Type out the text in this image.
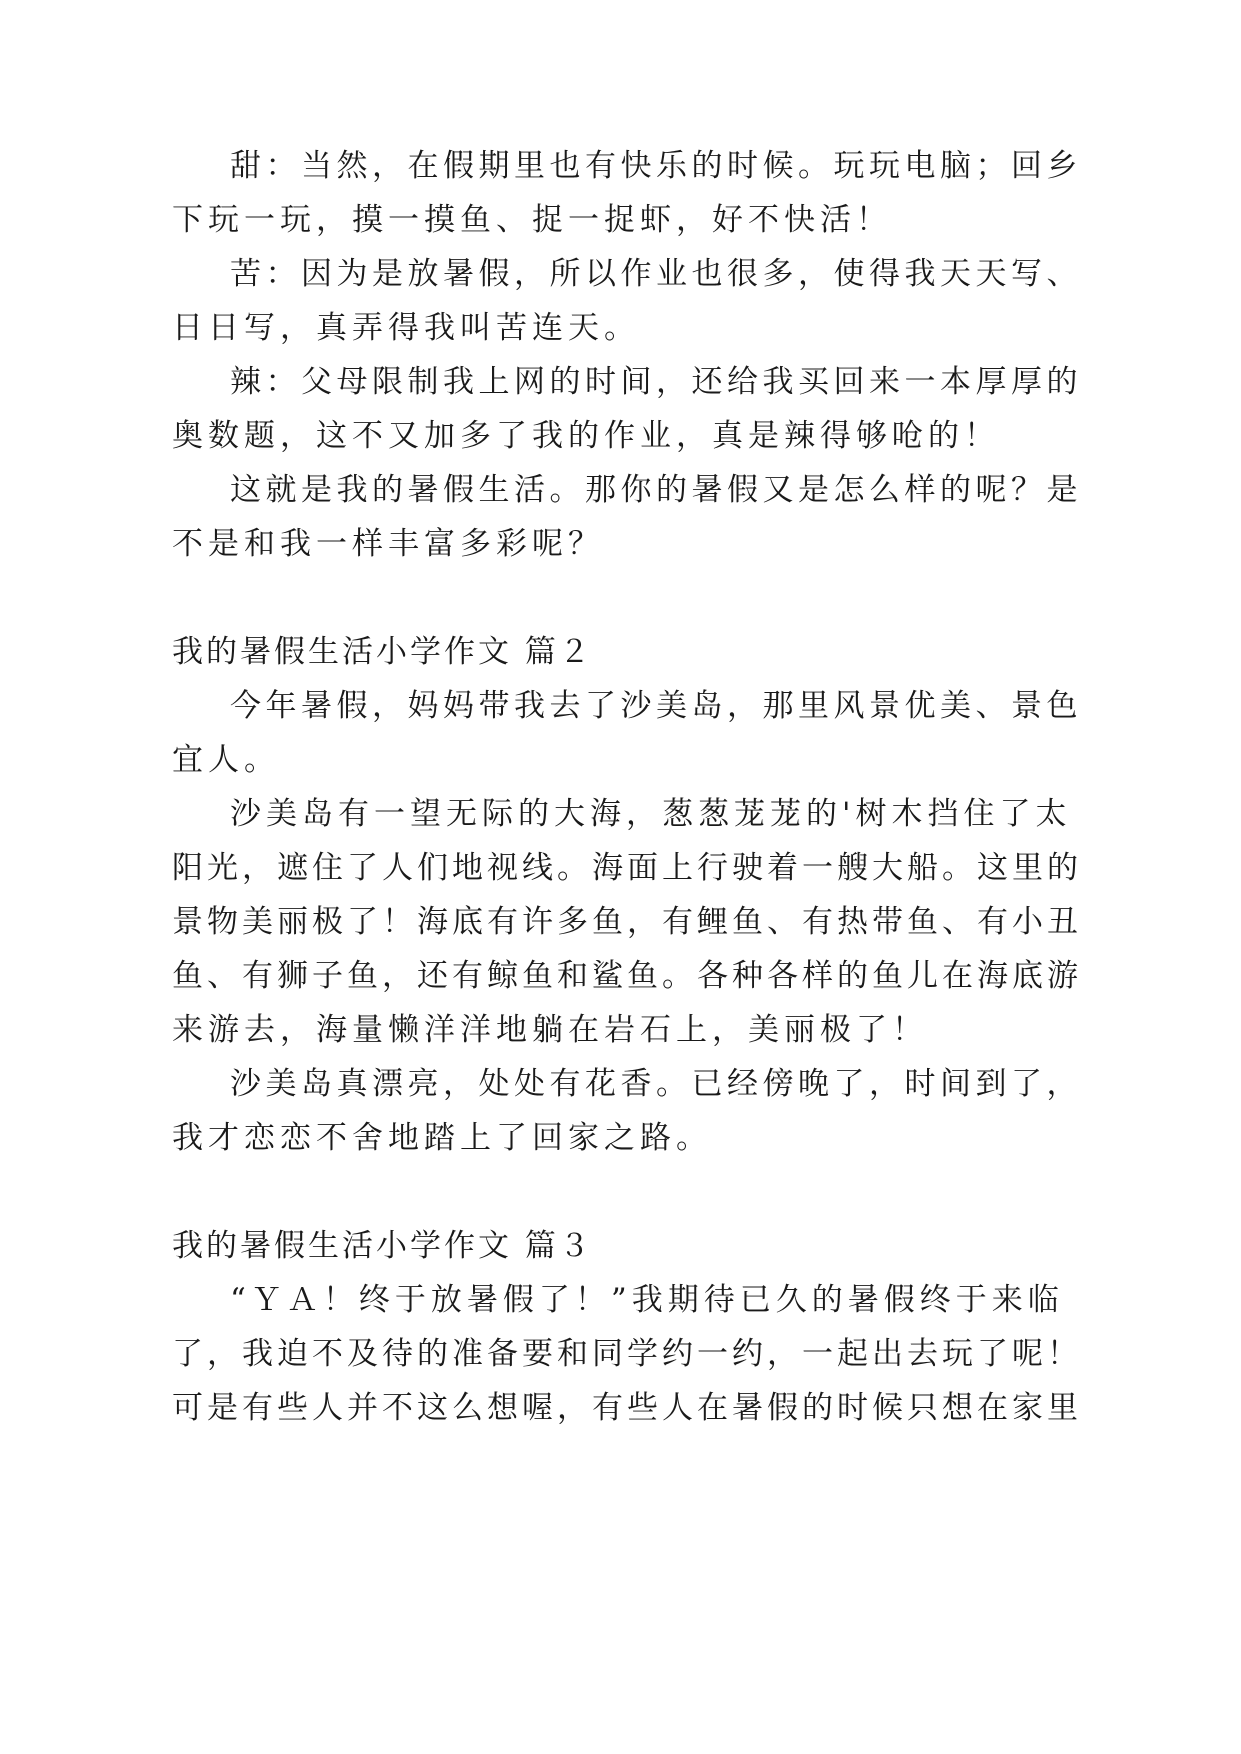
甜：当然，在假期里也有快乐的时候。玩玩电脑；回乡

下玩一玩，摸一摸鱼、捉一捉虾，好不快活！

苦：因为是放暑假，所以作业也很多，使得我天天写、

日日写，真弄得我叫苦连天。

辣：父母限制我上网的时间，还给我买回来一本厚厚的

奥数题，这不又加多了我的作业，真是辣得够呛的！

这就是我的暑假生活。那你的暑假又是怎么样的呢？是

不是和我一样丰富多彩呢？

我的暑假生活小学作文 篇２

今年暑假，妈妈带我去了沙美岛，那里风景优美、景色

宜人。

沙美岛有一望无际的大海，葱葱茏茏的'树木挡住了太

阳光，遮住了人们地视线。海面上行驶着一艘大船。这里的

景物美丽极了！海底有许多鱼，有鲤鱼、有热带鱼、有小丑

鱼、有狮子鱼，还有鲸鱼和鲨鱼。各种各样的鱼儿在海底游

来游去，海量懒洋洋地躺在岩石上，美丽极了！

沙美岛真漂亮，处处有花香。已经傍晚了，时间到了，

我才恋恋不舍地踏上了回家之路。

我的暑假生活小学作文 篇３

“ＹＡ！终于放暑假了！”我期待已久的暑假终于来临

了，我迫不及待的准备要和同学约一约，一起出去玩了呢！

可是有些人并不这么想喔，有些人在暑假的时候只想在家里
